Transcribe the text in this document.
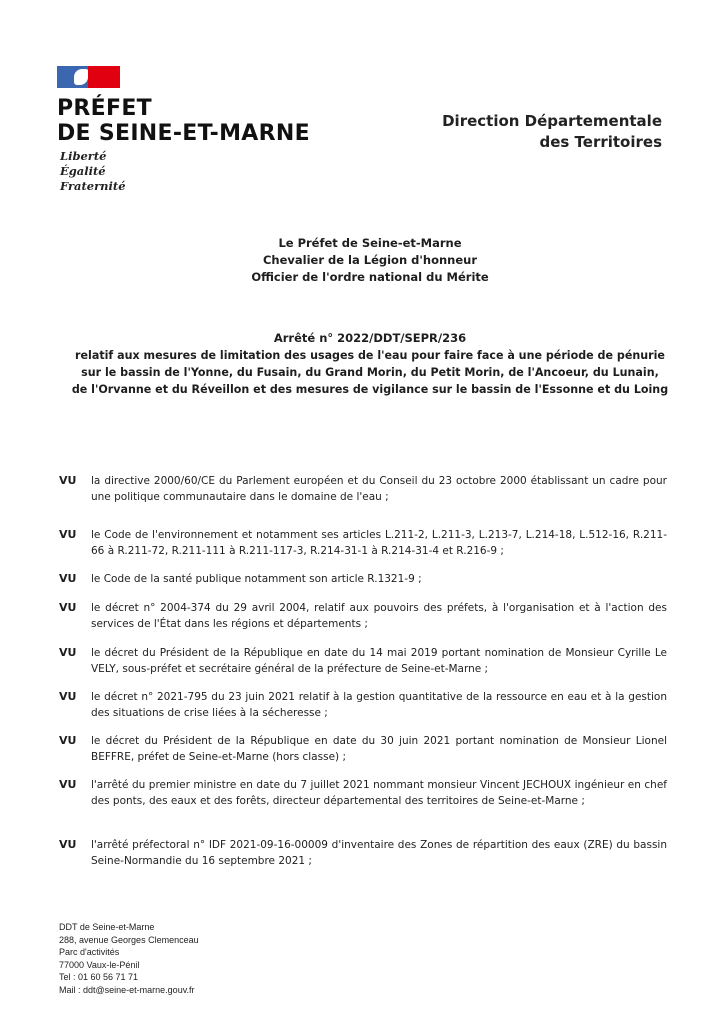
PRÉFET
DE SEINE-ET-MARNE
Liberté
Égalité
Fraternité
Direction Départementale
des Territoires
Le Préfet de Seine-et-Marne
Chevalier de la Légion d'honneur
Officier de l'ordre national du Mérite
Arrêté n° 2022/DDT/SEPR/236
relatif aux mesures de limitation des usages de l'eau pour faire face à une période de pénurie
sur le bassin de l'Yonne, du Fusain, du Grand Morin, du Petit Morin, de l'Ancoeur, du Lunain,
de l'Orvanne et du Réveillon et des mesures de vigilance sur le bassin de l'Essonne et du Loing
VU	la directive 2000/60/CE du Parlement européen et du Conseil du 23 octobre 2000 établissant un cadre pour une politique communautaire dans le domaine de l'eau ;
VU	le Code de l'environnement et notamment ses articles L.211-2, L.211-3, L.213-7, L.214-18, L.512-16, R.211-66 à R.211-72, R.211-111 à R.211-117-3, R.214-31-1 à R.214-31-4 et R.216-9 ;
VU	le Code de la santé publique notamment son article R.1321-9 ;
VU	le décret n° 2004-374 du 29 avril 2004, relatif aux pouvoirs des préfets, à l'organisation et à l'action des services de l'État dans les régions et départements ;
VU	le décret du Président de la République en date du 14 mai 2019 portant nomination de Monsieur Cyrille Le VELY, sous-préfet et secrétaire général de la préfecture de Seine-et-Marne ;
VU	le décret n° 2021-795 du 23 juin 2021 relatif à la gestion quantitative de la ressource en eau et à la gestion des situations de crise liées à la sécheresse ;
VU	le décret du Président de la République en date du 30 juin 2021 portant nomination de Monsieur Lionel BEFFRE, préfet de Seine-et-Marne (hors classe) ;
VU	l'arrêté du premier ministre en date du 7 juillet 2021 nommant monsieur Vincent JECHOUX ingénieur en chef des ponts, des eaux et des forêts, directeur départemental des territoires de Seine-et-Marne ;
VU	l'arrêté préfectoral n° IDF 2021-09-16-00009 d'inventaire des Zones de répartition des eaux (ZRE) du bassin Seine-Normandie du 16 septembre 2021 ;
DDT de Seine-et-Marne
288, avenue Georges Clemenceau
Parc d'activités
77000 Vaux-le-Pénil
Tel : 01 60 56 71 71
Mail : ddt@seine-et-marne.gouv.fr
